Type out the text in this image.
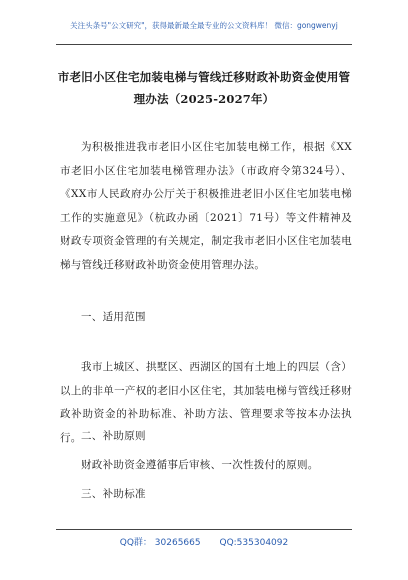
关注头条号"公文研究"，获得最新最全最专业的公文资料库！ 微信：gongwenyj
市老旧小区住宅加装电梯与管线迁移财政补助资金使用管
理办法（2025-2027年）
为积极推进我市老旧小区住宅加装电梯工作，根据《XX市老旧小区住宅加装电梯管理办法》（市政府令第324号）、《XX市人民政府办公厅关于积极推进老旧小区住宅加装电梯工作的实施意见》（杭政办函〔2021〕71号）等文件精神及财政专项资金管理的有关规定，制定我市老旧小区住宅加装电梯与管线迁移财政补助资金使用管理办法。
一、适用范围
我市上城区、拱墅区、西湖区的国有土地上的四层（含）以上的非单一产权的老旧小区住宅，其加装电梯与管线迁移财政补助资金的补助标准、补助方法、管理要求等按本办法执行。 二、补助原则
财政补助资金遵循事后审核、一次性拨付的原则。
三、补助标准
QQ群： 30265665 QQ:535304092
